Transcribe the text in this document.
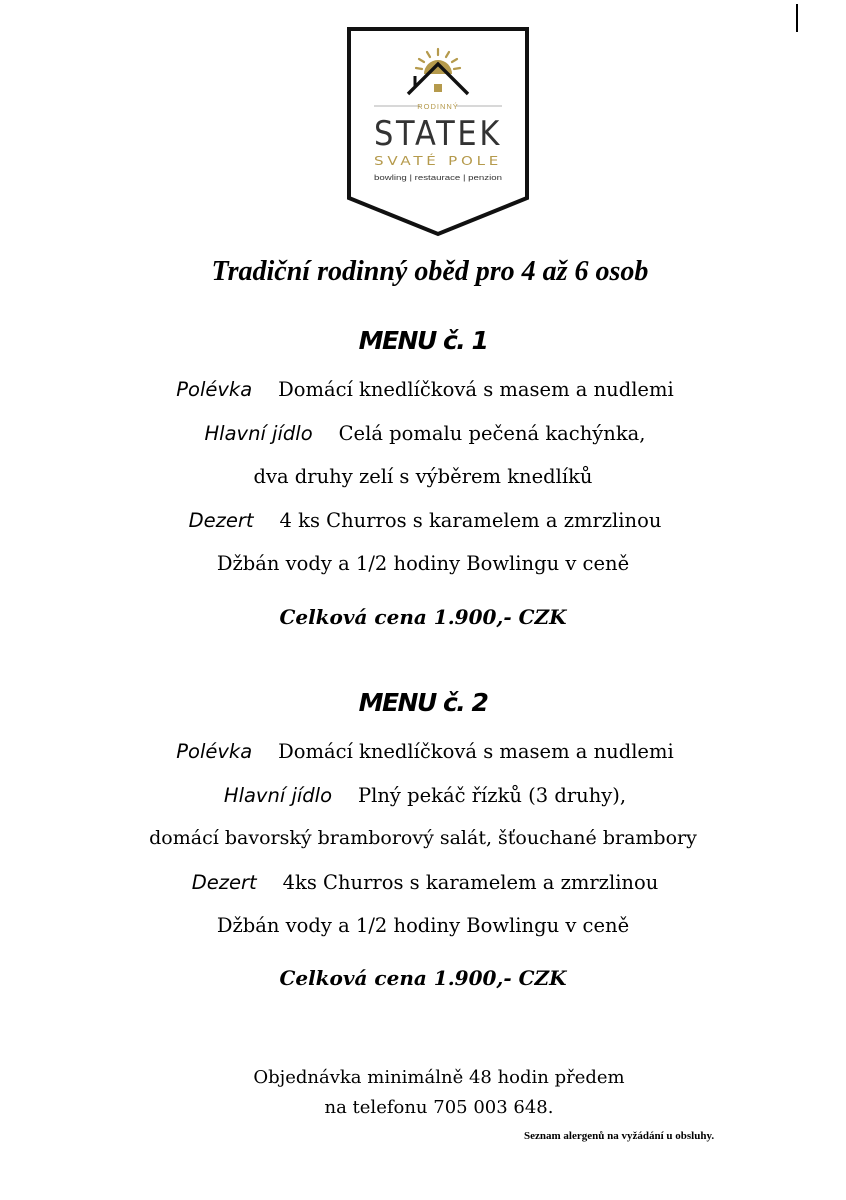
RODINNÝ
STATEK
SVATÉ POLE
bowling | restaurace | penzion
Tradiční rodinný oběd pro 4 až 6 osob
MENU č. 1
Polévka Domácí knedlíčková s masem a nudlemi
Hlavní jídlo Celá pomalu pečená kachýnka,
dva druhy zelí s výběrem knedlíků
Dezert 4 ks Churros s karamelem a zmrzlinou
Džbán vody a 1/2 hodiny Bowlingu v ceně
Celková cena 1.900,- CZK
MENU č. 2
Polévka Domácí knedlíčková s masem a nudlemi
Hlavní jídlo Plný pekáč řízků (3 druhy),
domácí bavorský bramborový salát, šťouchané brambory
Dezert 4ks Churros s karamelem a zmrzlinou
Džbán vody a 1/2 hodiny Bowlingu v ceně
Celková cena 1.900,- CZK
Objednávka minimálně 48 hodin předem
na telefonu 705 003 648.
Seznam alergenů na vyžádání u obsluhy.
